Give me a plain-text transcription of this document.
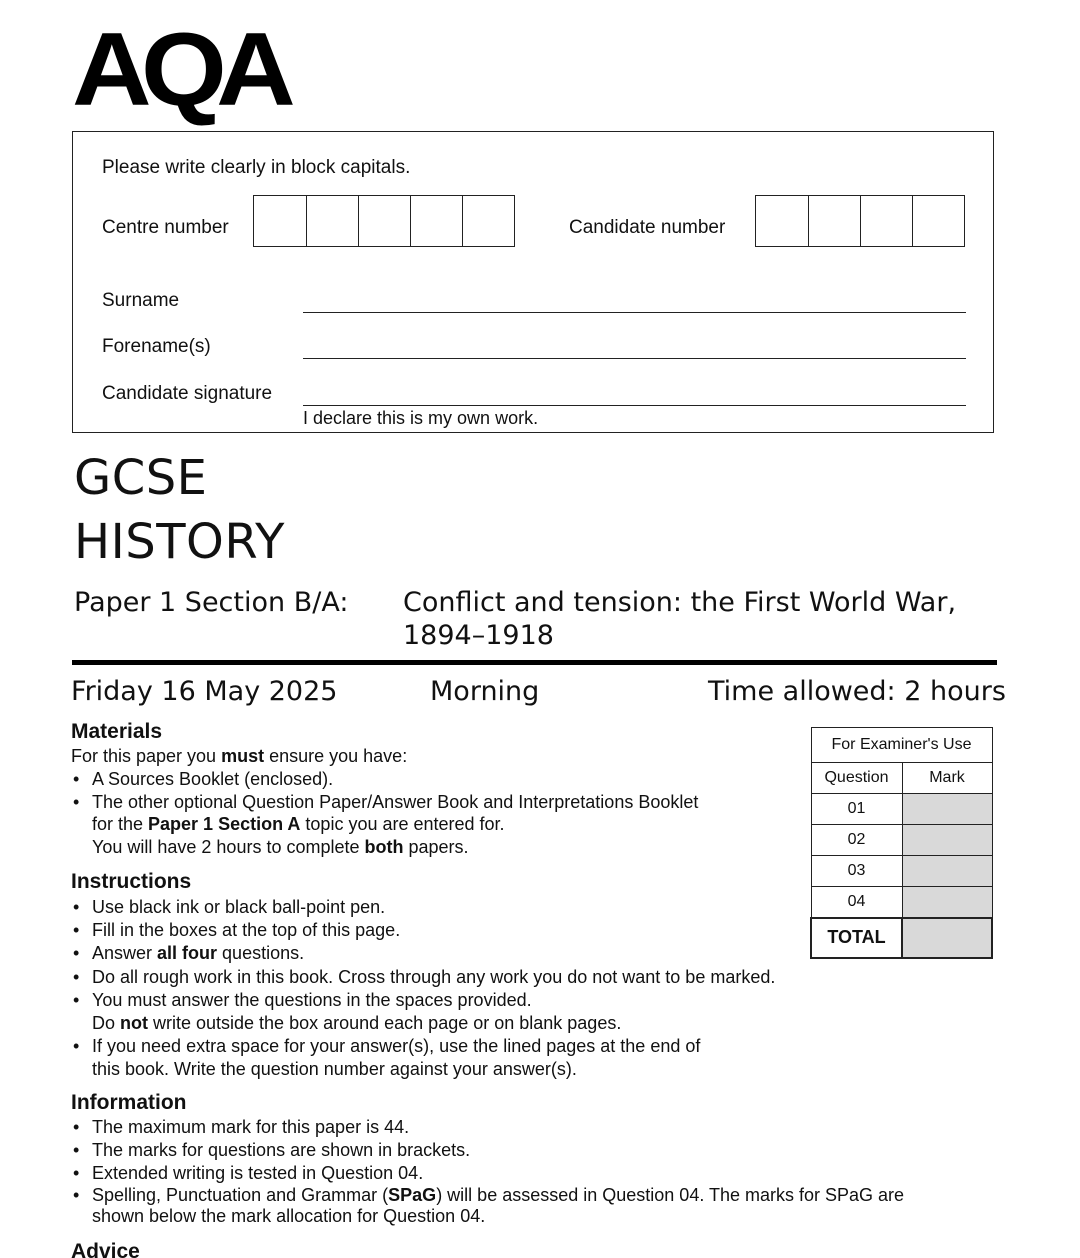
AQA
Please write clearly in block capitals.
Centre number	Candidate number
Surname
Forename(s)
Candidate signature
I declare this is my own work.
GCSE
HISTORY
Paper 1 Section B/A: Conflict and tension: the First World War,
1894–1918
Friday 16 May 2025	Morning	Time allowed: 2 hours
Materials
For this paper you must ensure you have:
• A Sources Booklet (enclosed).
• The other optional Question Paper/Answer Book and Interpretations Booklet
for the Paper 1 Section A topic you are entered for.
You will have 2 hours to complete both papers.
Instructions
• Use black ink or black ball-point pen.
• Fill in the boxes at the top of this page.
• Answer all four questions.
• Do all rough work in this book. Cross through any work you do not want to be marked.
• You must answer the questions in the spaces provided.
Do not write outside the box around each page or on blank pages.
• If you need extra space for your answer(s), use the lined pages at the end of
this book. Write the question number against your answer(s).
Information
• The maximum mark for this paper is 44.
• The marks for questions are shown in brackets.
• Extended writing is tested in Question 04.
• Spelling, Punctuation and Grammar (SPaG) will be assessed in Question 04. The marks for SPaG are
shown below the mark allocation for Question 04.
Advice
For Examiner's Use	
Question	Mark
01	
02	
03	
04	
TOTAL	
